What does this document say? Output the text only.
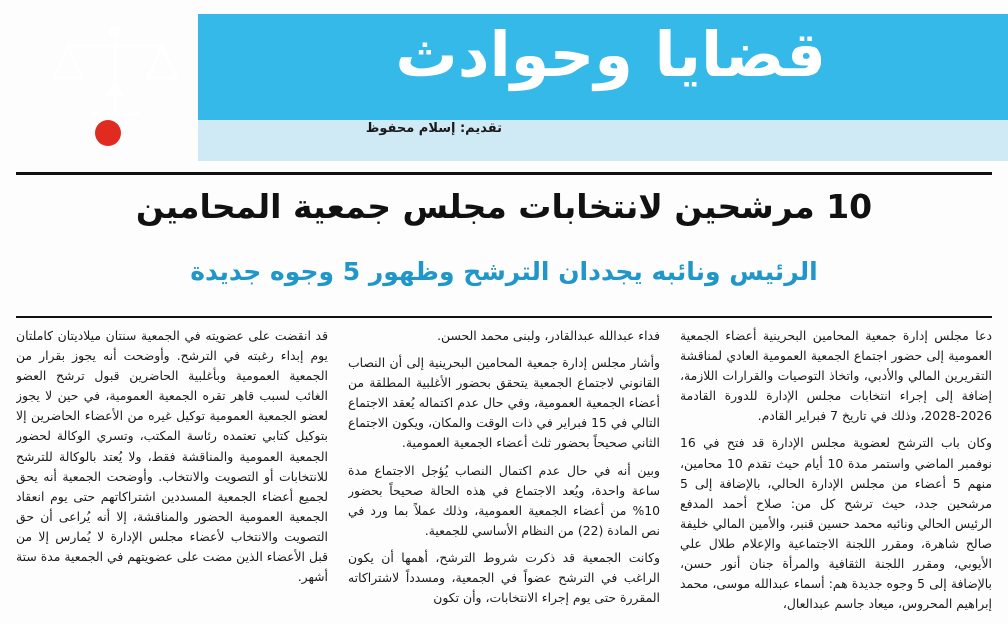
قضايا وحوادث
تقديم: إسلام محفوظ
10 مرشحين لانتخابات مجلس جمعية المحامين
الرئيس ونائبه يجددان الترشح وظهور 5 وجوه جديدة

دعا مجلس إدارة جمعية المحامين البحرينية أعضاء الجمعية العمومية إلى حضور اجتماع الجمعية العمومية العادي لمناقشة التقريرين المالي والأدبي، واتخاذ التوصيات والقرارات اللازمة، إضافة إلى إجراء انتخابات مجلس الإدارة للدورة القادمة 2026-2028، وذلك في تاريخ 7 فبراير القادم.

وكان باب الترشح لعضوية مجلس الإدارة قد فتح في 16 نوفمبر الماضي واستمر مدة 10 أيام حيث تقدم 10 محامين، منهم 5 أعضاء من مجلس الإدارة الحالي، بالإضافة إلى 5 مرشحين جدد، حيث ترشح كل من: صلاح أحمد المدفع الرئيس الحالي ونائبه محمد حسين قنبر، والأمين المالي خليفة صالح شاهرة، ومقرر اللجنة الاجتماعية والإعلام طلال علي الأيوبي، ومقرر اللجنة الثقافية والمرأة جنان أنور حسن، بالإضافة إلى 5 وجوه جديدة هم: أسماء عبدالله موسى، محمد إبراهيم المحروس، ميعاد جاسم عبدالعال،

فداء عبدالله عبدالقادر، ولبنى محمد الحسن.

وأشار مجلس إدارة جمعية المحامين البحرينية إلى أن النصاب القانوني لاجتماع الجمعية يتحقق بحضور الأغلبية المطلقة من أعضاء الجمعية العمومية، وفي حال عدم اكتماله يُعقد الاجتماع التالي في 15 فبراير في ذات الوقت والمكان، ويكون الاجتماع الثاني صحيحاً بحضور ثلث أعضاء الجمعية العمومية.

وبين أنه في حال عدم اكتمال النصاب يُؤجل الاجتماع مدة ساعة واحدة، ويُعد الاجتماع في هذه الحالة صحيحاً بحضور 10% من أعضاء الجمعية العمومية، وذلك عملاً بما ورد في نص المادة (22) من النظام الأساسي للجمعية.

وكانت الجمعية قد ذكرت شروط الترشح، أهمها أن يكون الراغب في الترشح عضواً في الجمعية، ومسدداً لاشتراكاته المقررة حتى يوم إجراء الانتخابات، وأن تكون

قد انقضت على عضويته في الجمعية سنتان ميلاديتان كاملتان يوم إبداء رغبته في الترشح. وأوضحت أنه يجوز بقرار من الجمعية العمومية وبأغلبية الحاضرين قبول ترشح العضو الغائب لسبب قاهر تقره الجمعية العمومية، في حين لا يجوز لعضو الجمعية العمومية توكيل غيره من الأعضاء الحاضرين إلا بتوكيل كتابي تعتمده رئاسة المكتب، وتسري الوكالة لحضور الجمعية العمومية والمناقشة فقط، ولا يُعتد بالوكالة للترشح للانتخابات أو التصويت والانتخاب. وأوضحت الجمعية أنه يحق لجميع أعضاء الجمعية المسددين اشتراكاتهم حتى يوم انعقاد الجمعية العمومية الحضور والمناقشة، إلا أنه يُراعى أن حق التصويت والانتخاب لأعضاء مجلس الإدارة لا يُمارس إلا من قبل الأعضاء الذين مضت على عضويتهم في الجمعية مدة ستة أشهر.
